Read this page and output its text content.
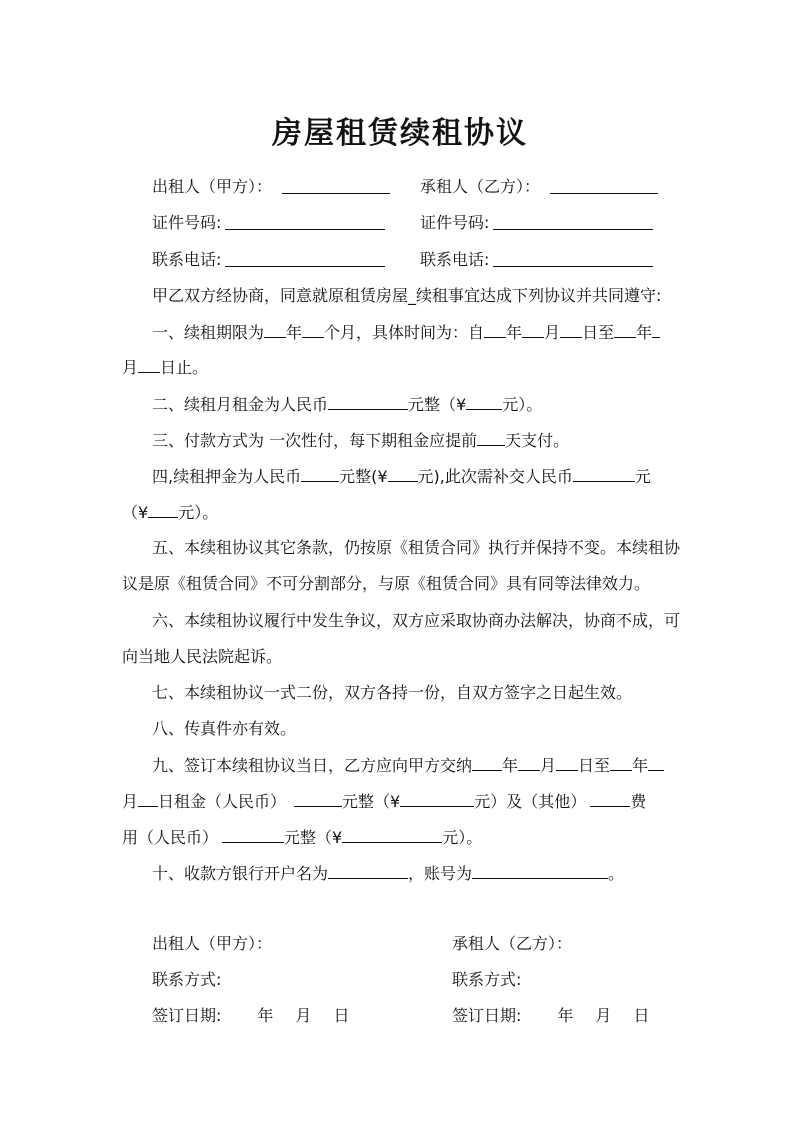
房屋租赁续租协议
出租人（甲方）：	承租人（乙方）：
证件号码:	证件号码:
联系电话:	联系电话:
甲乙双方经协商，同意就原租赁房屋_续租事宜达成下列协议并共同遵守:
一、续租期限为 年 个月，具体时间为：自 年 月 日至 年
月 日止。
二、续租月租金为人民币	元整（¥ 元）。
三、付款方式为 一次性付，每下期租金应提前 天支付。
四,续租押金为人民币 元整(¥ 元),此次需补交人民币	元
（¥ 元）。
五、本续租协议其它条款，仍按原《租赁合同》执行并保持不变。本续租协
议是原《租赁合同》不可分割部分，与原《租赁合同》具有同等法律效力。
六、本续租协议履行中发生争议，双方应采取协商办法解决，协商不成，可
向当地人民法院起诉。
七、本续租协议一式二份，双方各持一份，自双方签字之日起生效。
八、传真件亦有效。
九、签订本续租协议当日，乙方应向甲方交纳 年 月 日至 年
月 日租金（人民币）	元整（¥	元）及（其他）	费
用（人民币）	元整（¥	元）。
十、收款方银行开户名为	，账号为	。
出租人（甲方）：	承租人（乙方）：
联系方式:	联系方式:
签订日期: 年 月 日	签订日期: 年 月 日
